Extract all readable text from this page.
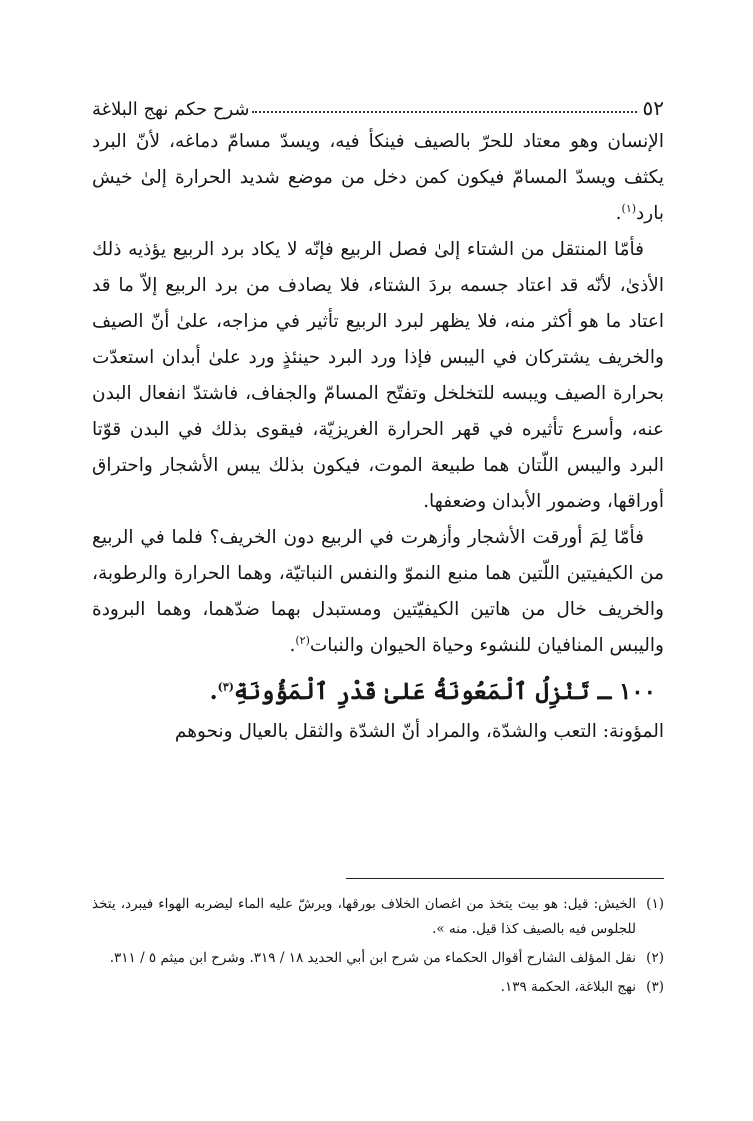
٥٢
شرح حكم نهج البلاغة

الإنسان وهو معتاد للحرّ بالصيف فينكأ فيه، ويسدّ مسامّ دماغه، لأنّ البرد يكثف ويسدّ المسامّ فيكون كمن دخل من موضع شديد الحرارة إلىٰ خيش بارد$^{(١)}$.

فأمّا المنتقل من الشتاء إلىٰ فصل الربيع فإنّه لا يكاد برد الربيع يؤذيه ذلك الأذىٰ، لأنّه قد اعتاد جسمه بردَ الشتاء، فلا يصادف من برد الربيع إلاّ ما قد اعتاد ما هو أكثر منه، فلا يظهر لبرد الربيع تأثير في مزاجه، علىٰ أنّ الصيف والخريف يشتركان في اليبس فإذا ورد البرد حينئذٍ ورد علىٰ أبدان استعدّت بحرارة الصيف ويبسه للتخلخل وتفتّح المسامّ والجفاف، فاشتدّ انفعال البدن عنه، وأسرع تأثيره في قهر الحرارة الغريزيّة، فيقوى بذلك في البدن قوّتا البرد واليبس اللّتان هما طبيعة الموت، فيكون بذلك يبس الأشجار واحتراق أوراقها، وضمور الأبدان وضعفها.

فأمّا لِمَ أورقت الأشجار وأزهرت في الربيع دون الخريف؟ فلما في الربيع من الكيفيتين اللّتين هما منبع النموّ والنفس النباتيّة، وهما الحرارة والرطوبة، والخريف خال من هاتين الكيفيّتين ومستبدل بهما ضدّهما، وهما البرودة واليبس المنافيان للنشوء وحياة الحيوان والنبات$^{(٢)}$.

١٠٠ ـ تَنْزِلُ ٱلْمَعُونَةُ عَلىٰ قَدْرِ ٱلْمَؤُونَةِ$^{(٣)}$.

المؤونة: التعب والشدّة، والمراد أنّ الشدّة والثقل بالعيال ونحوهم

(١)
الخيش: قيل: هو بيت يتخذ من اغصان الخلاف بورقها، ويرشّ عليه الماء ليضربه الهواء فيبرد، يتخذ للجلوس فيه بالصيف كذا قيل. منه ».

(٢)
نقل المؤلف الشارح أقوال الحكماء من شرح ابن أبي الحديد ١٨ / ٣١٩. وشرح ابن ميثم ٥ / ٣١١.

(٣)
نهج البلاغة، الحكمة ١٣٩.
